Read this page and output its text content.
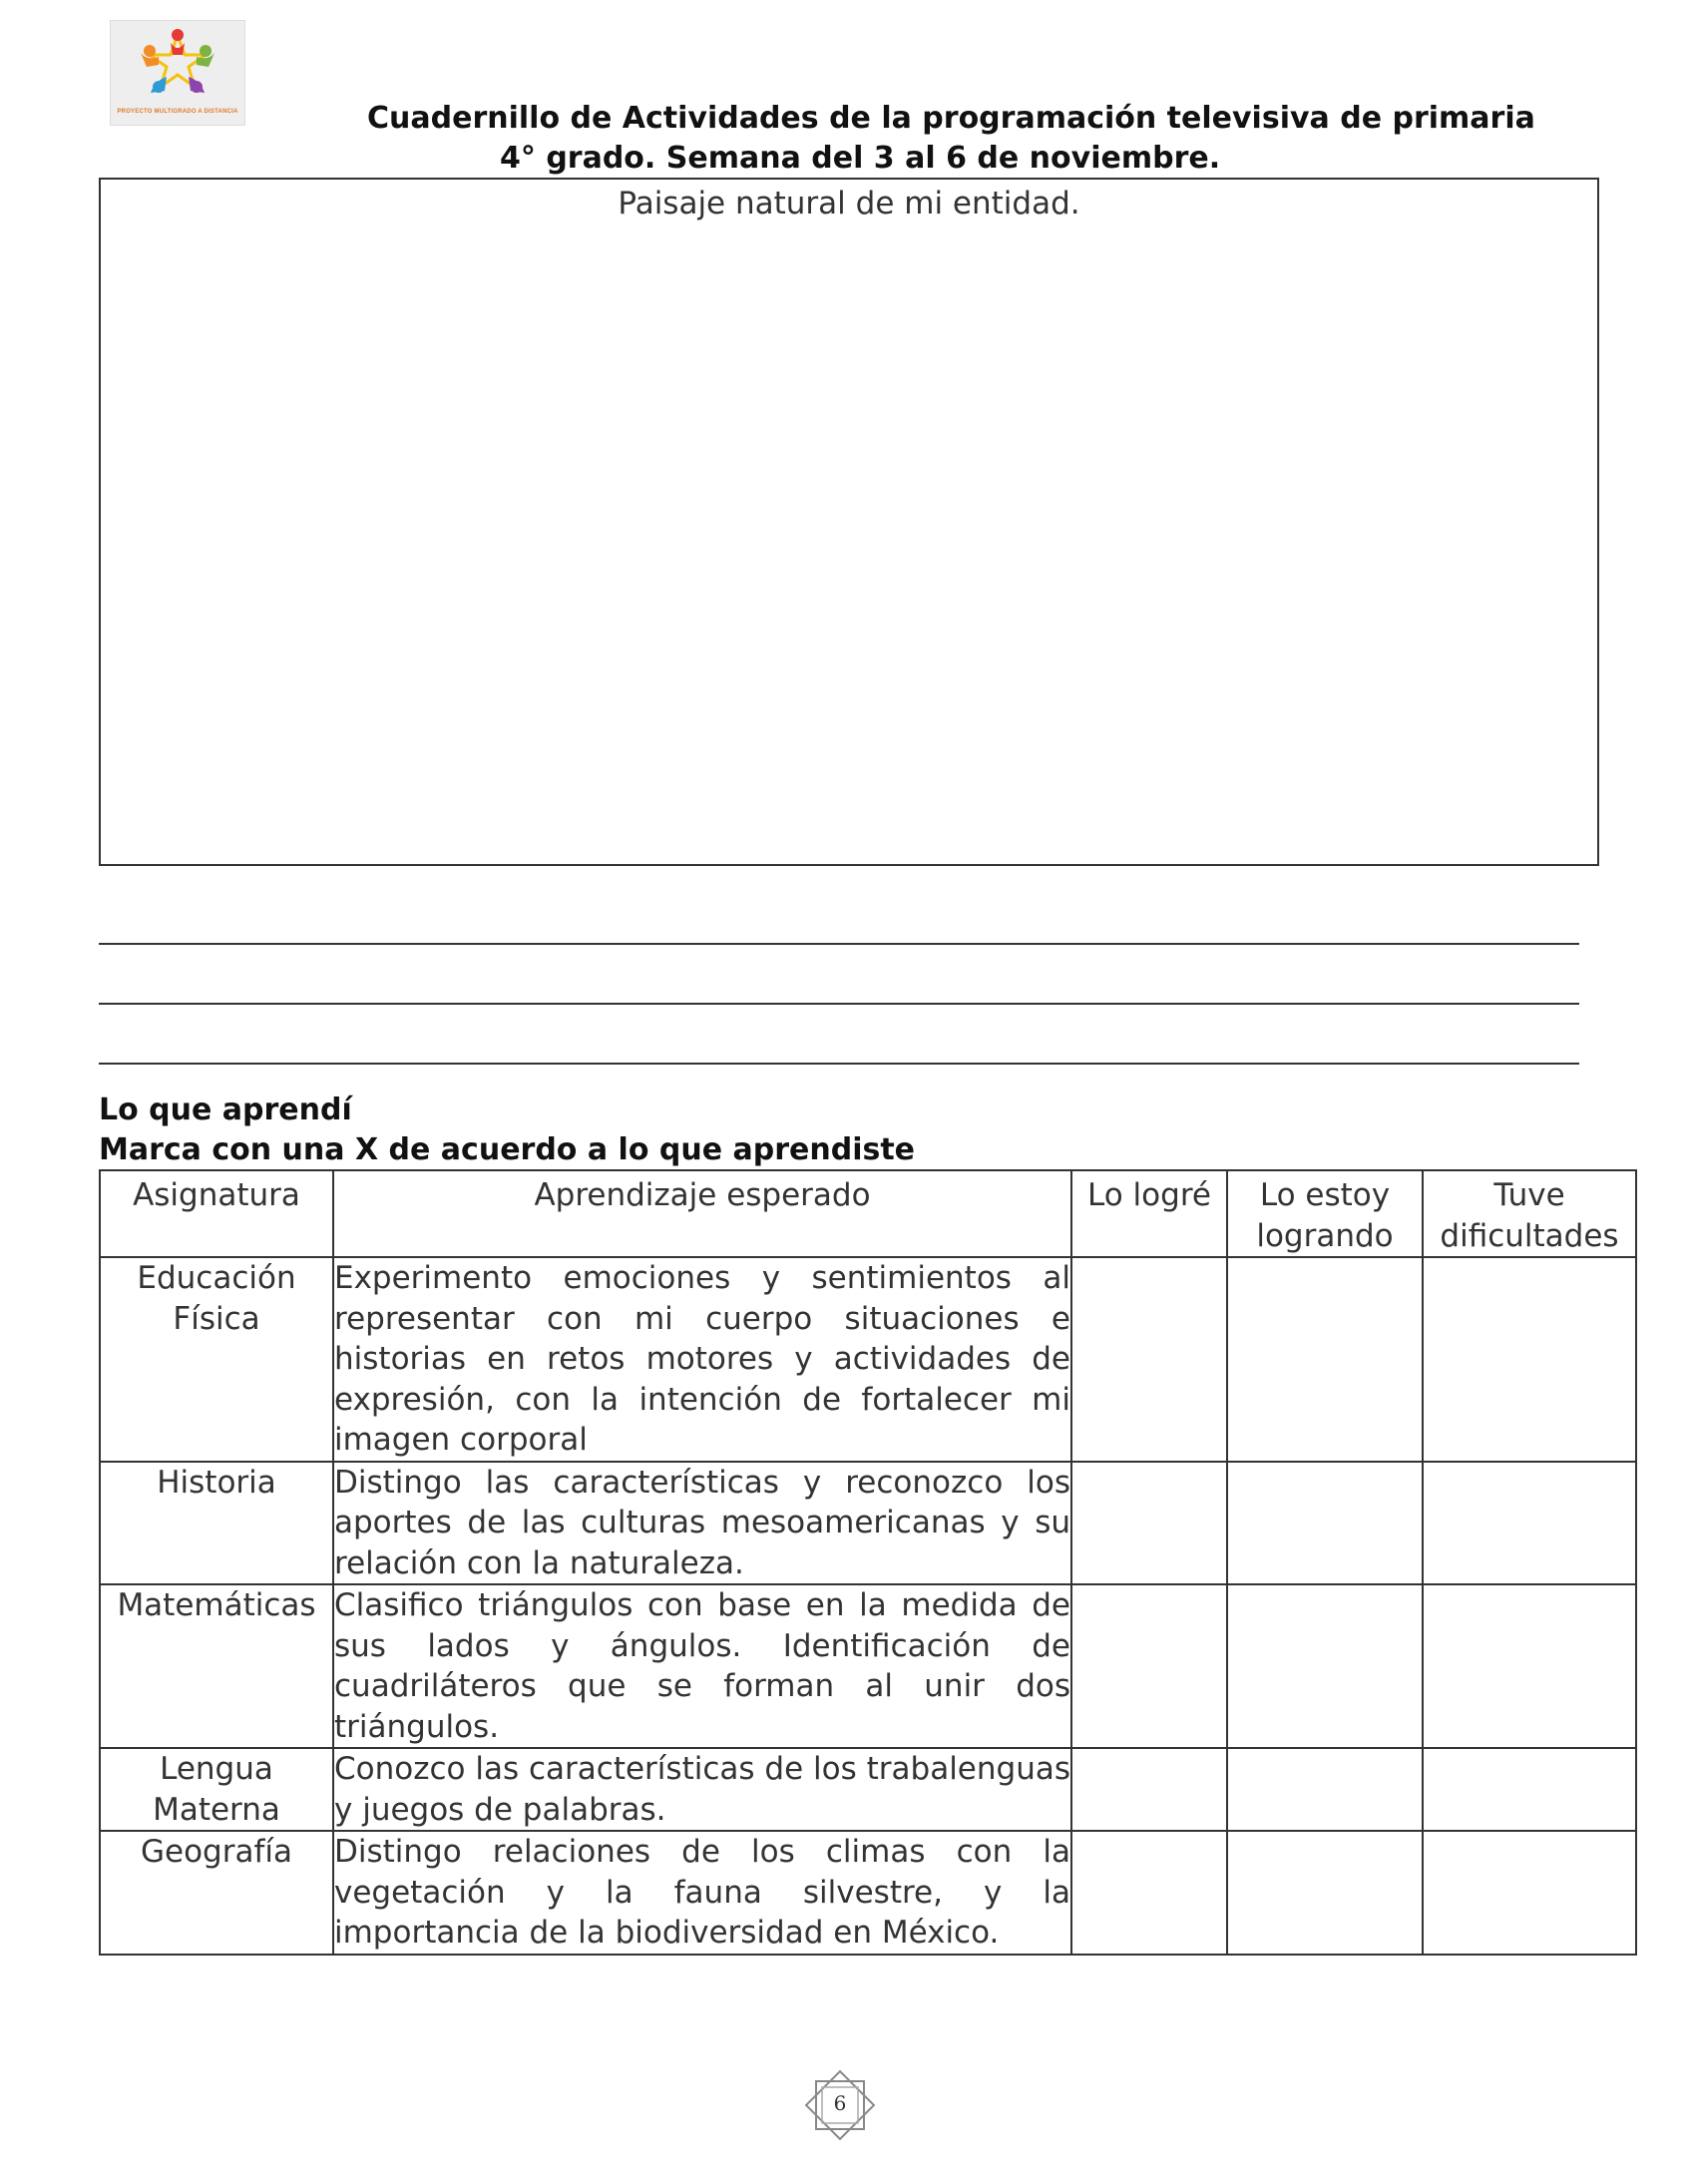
PROYECTO MULTIGRADO A DISTANCIA	Cuadernillo de Actividades de la programación televisiva de primaria
4° grado. Semana del 3 al 6 de noviembre.
Paisaje natural de mi entidad.
Lo que aprendí
Marca con una X de acuerdo a lo que aprendiste
Asignatura	Aprendizaje esperado	Lo logré	Lo estoy logrando	Tuve dificultades
Educación Física	Experimento emociones y sentimientos al representar con mi cuerpo situaciones e historias en retos motores y actividades de expresión, con la intención de fortalecer mi imagen corporal			
Historia	Distingo las características y reconozco los aportes de las culturas mesoamericanas y su relación con la naturaleza.			
Matemáticas	Clasifico triángulos con base en la medida de sus lados y ángulos. Identificación de cuadriláteros que se forman al unir dos triángulos.			
Lengua Materna	Conozco las características de los trabalenguas y juegos de palabras.			
Geografía	Distingo relaciones de los climas con la vegetación y la fauna silvestre, y la importancia de la biodiversidad en México.			
6
